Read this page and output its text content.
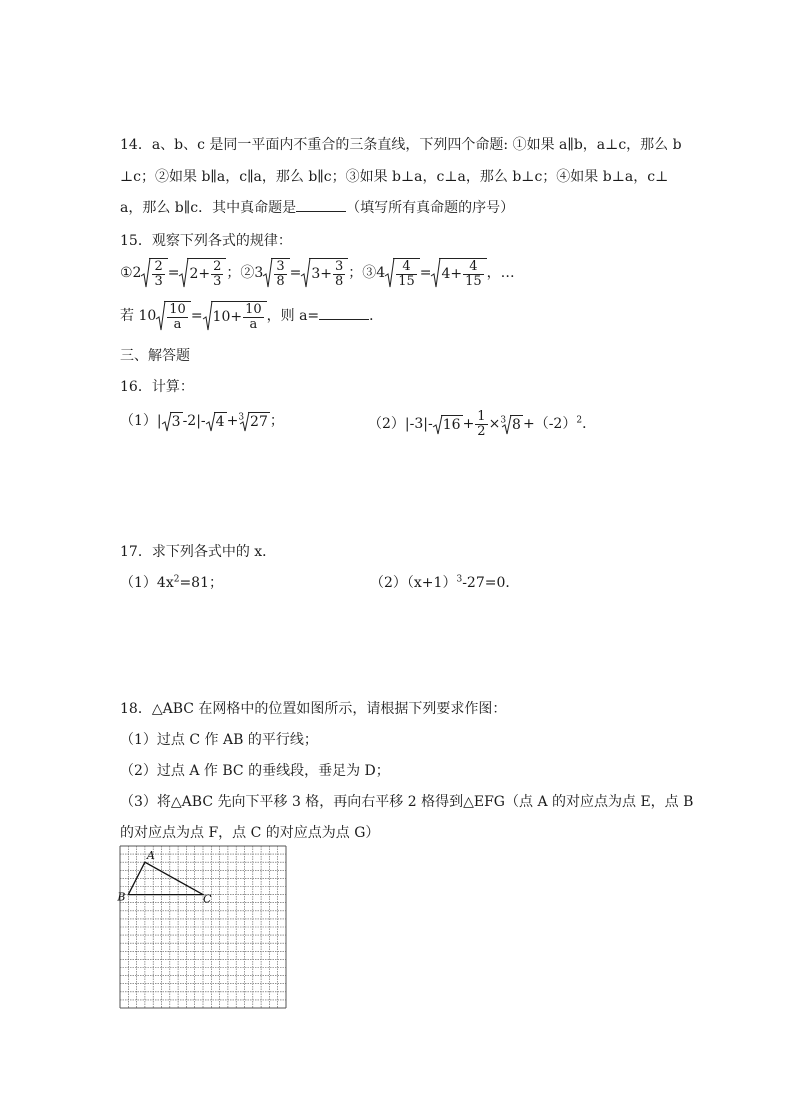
14．a、b、c 是同一平面内不重合的三条直线，下列四个命题: ①如果 a∥b，a⊥c，那么 b
⊥c；②如果 b∥a，c∥a，那么 b∥c；③如果 b⊥a，c⊥a，那么 b⊥c；④如果 b⊥a，c⊥
a，那么 b∥c．其中真命题是	（填写所有真命题的序号）
15．观察下列各式的规律：
①2 $\frac{2}{3} = 2+ \frac{2}{3}$ ；②3 $\frac{3}{8} = 3+ \frac{3}{8}$ ；③4 $\frac{4}{15} = 4+ \frac{4}{15}$ ，…
若 $10 \frac{10}{a} = 10+ \frac{10}{a}$ ，则 a=	．
三、解答题
16．计算：
（1）| 3 -2|- 4 +$^3$ 27 ；	（2）|-3|- $16 + \frac{1}{2} \times^3$ $8 +(-2)^2$．
17．求下列各式中的 x．
$(1)4x^2=81$；	$(2)(x+1)^3-27=0$．
18．△ABC 在网格中的位置如图所示，请根据下列要求作图：
（1）过点 C 作 AB 的平行线；
（2）过点 A 作 BC 的垂线段，垂足为 D；
（3）将△ABC 先向下平移 3 格，再向右平移 2 格得到△EFG（点 A 的对应点为点 E，点 B
的对应点为点 F，点 C 的对应点为点 G）
A
B	C
